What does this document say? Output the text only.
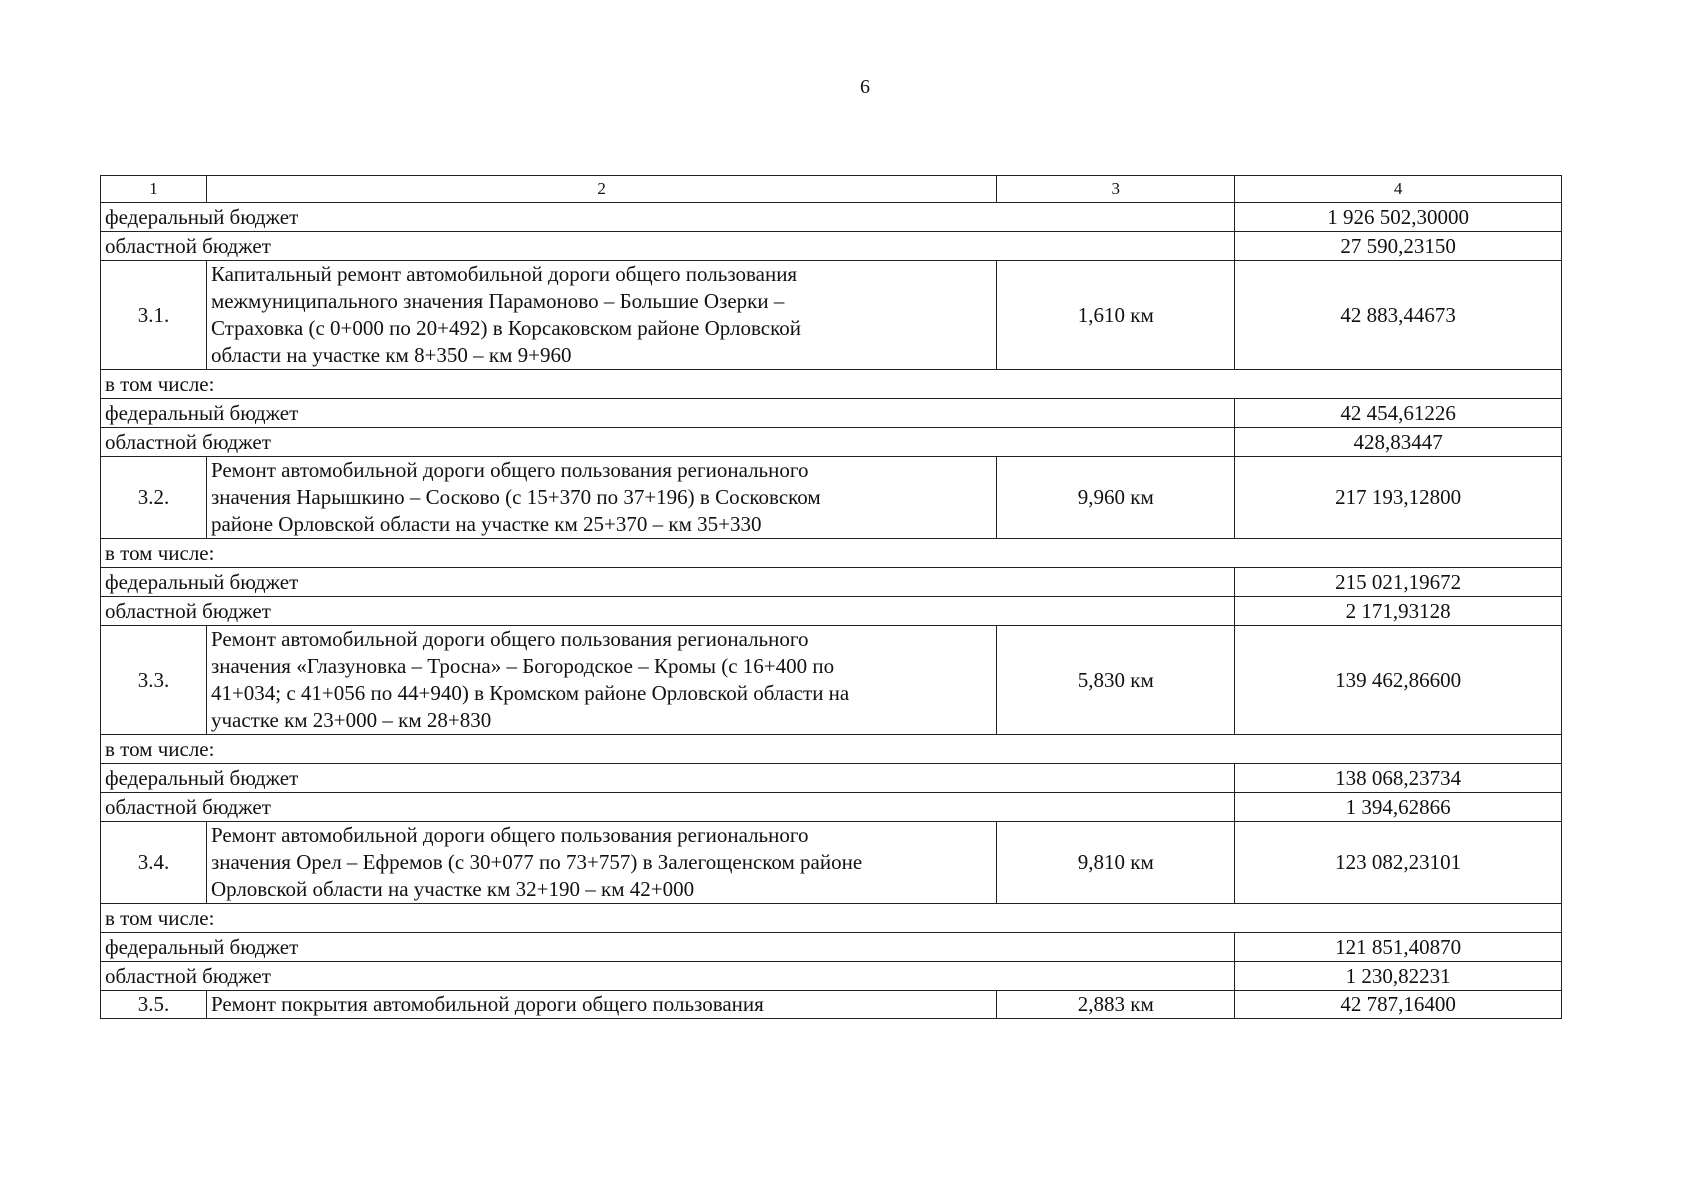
6
1	2	3	4
федеральный бюджет			1 926 502,30000
областной бюджет			27 590,23150
3.1.	Капитальный ремонт автомобильной дороги общего пользования
межмуниципального значения Парамоново – Большие Озерки –
Страховка (с 0+000 по 20+492) в Корсаковском районе Орловской
области на участке км 8+350 – км 9+960	1,610 км	42 883,44673
в том числе:			
федеральный бюджет			42 454,61226
областной бюджет			428,83447
3.2.	Ремонт автомобильной дороги общего пользования регионального
значения Нарышкино – Сосково (с 15+370 по 37+196) в Сосковском
районе Орловской области на участке км 25+370 – км 35+330	9,960 км	217 193,12800
в том числе:			
федеральный бюджет			215 021,19672
областной бюджет			2 171,93128
3.3.	Ремонт автомобильной дороги общего пользования регионального
значения «Глазуновка – Тросна» – Богородское – Кромы (с 16+400 по
41+034; с 41+056 по 44+940) в Кромском районе Орловской области на
участке км 23+000 – км 28+830	5,830 км	139 462,86600
в том числе:			
федеральный бюджет			138 068,23734
областной бюджет			1 394,62866
3.4.	Ремонт автомобильной дороги общего пользования регионального
значения Орел – Ефремов (с 30+077 по 73+757) в Залегощенском районе
Орловской области на участке км 32+190 – км 42+000	9,810 км	123 082,23101
в том числе:			
федеральный бюджет			121 851,40870
областной бюджет			1 230,82231
3.5.	Ремонт покрытия автомобильной дороги общего пользования	2,883 км	42 787,16400
